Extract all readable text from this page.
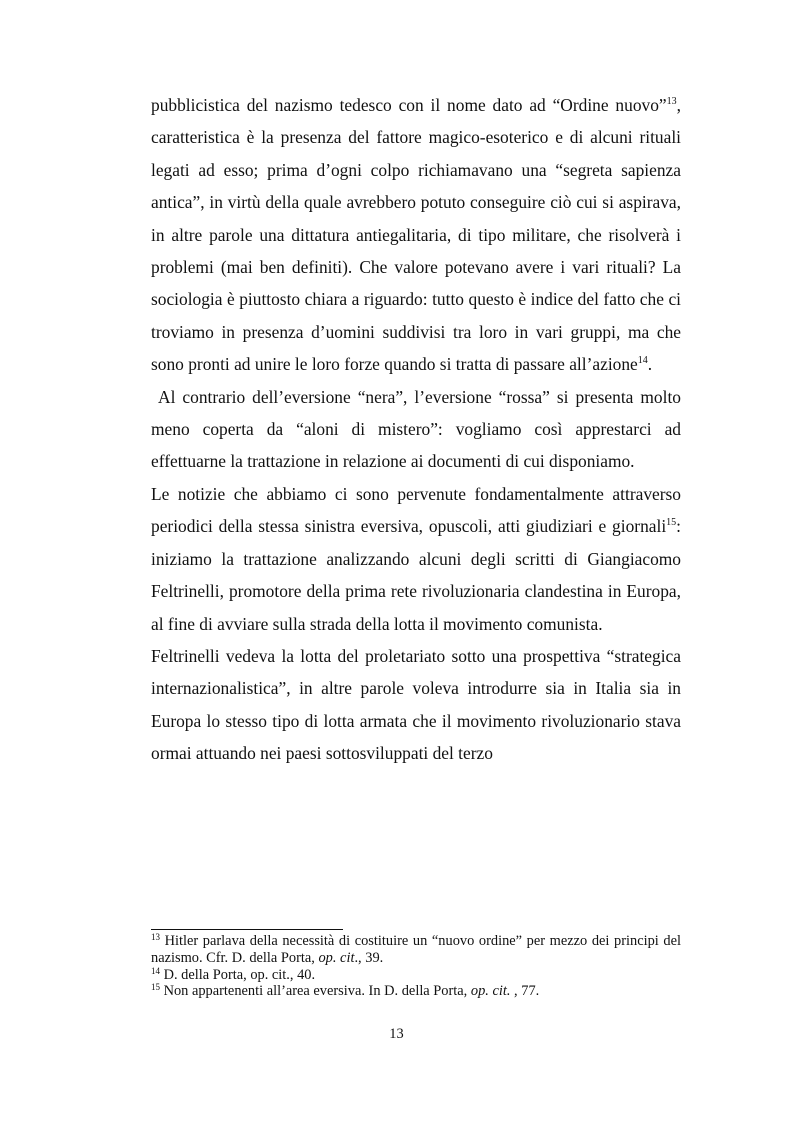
pubblicistica del nazismo tedesco con il nome dato ad “Ordine nuovo”$^{13}$, caratteristica è la presenza del fattore magico-esoterico e di alcuni rituali legati ad esso; prima d’ogni colpo richiamavano una “segreta sapienza antica”, in virtù della quale avrebbero potuto conseguire ciò cui si aspirava, in altre parole una dittatura antiegalitaria, di tipo militare, che risolverà i problemi (mai ben definiti). Che valore potevano avere i vari rituali? La sociologia è piuttosto chiara a riguardo: tutto questo è indice del fatto che ci troviamo in presenza d’uomini suddivisi tra loro in vari gruppi, ma che sono pronti ad unire le loro forze quando si tratta di passare all’azione$^{14}$.

Al contrario dell’eversione “nera”, l’eversione “rossa” si presenta molto meno coperta da “aloni di mistero”: vogliamo così apprestarci ad effettuarne la trattazione in relazione ai documenti di cui disponiamo.

Le notizie che abbiamo ci sono pervenute fondamentalmente attraverso periodici della stessa sinistra eversiva, opuscoli, atti giudiziari e giornali$^{15}$: iniziamo la trattazione analizzando alcuni degli scritti di Giangiacomo Feltrinelli, promotore della prima rete rivoluzionaria clandestina in Europa, al fine di avviare sulla strada della lotta il movimento comunista.

Feltrinelli vedeva la lotta del proletariato sotto una prospettiva “strategica internazionalistica”, in altre parole voleva introdurre sia in Italia sia in Europa lo stesso tipo di lotta armata che il movimento rivoluzionario stava ormai attuando nei paesi sottosviluppati del terzo

$^{13}$ Hitler parlava della necessità di costituire un “nuovo ordine” per mezzo dei principi del nazismo. Cfr. D. della Porta, op. cit., 39.

$^{14}$ D. della Porta, op. cit., 40.

$^{15}$ Non appartenenti all’area eversiva. In D. della Porta, op. cit. , 77.

13
